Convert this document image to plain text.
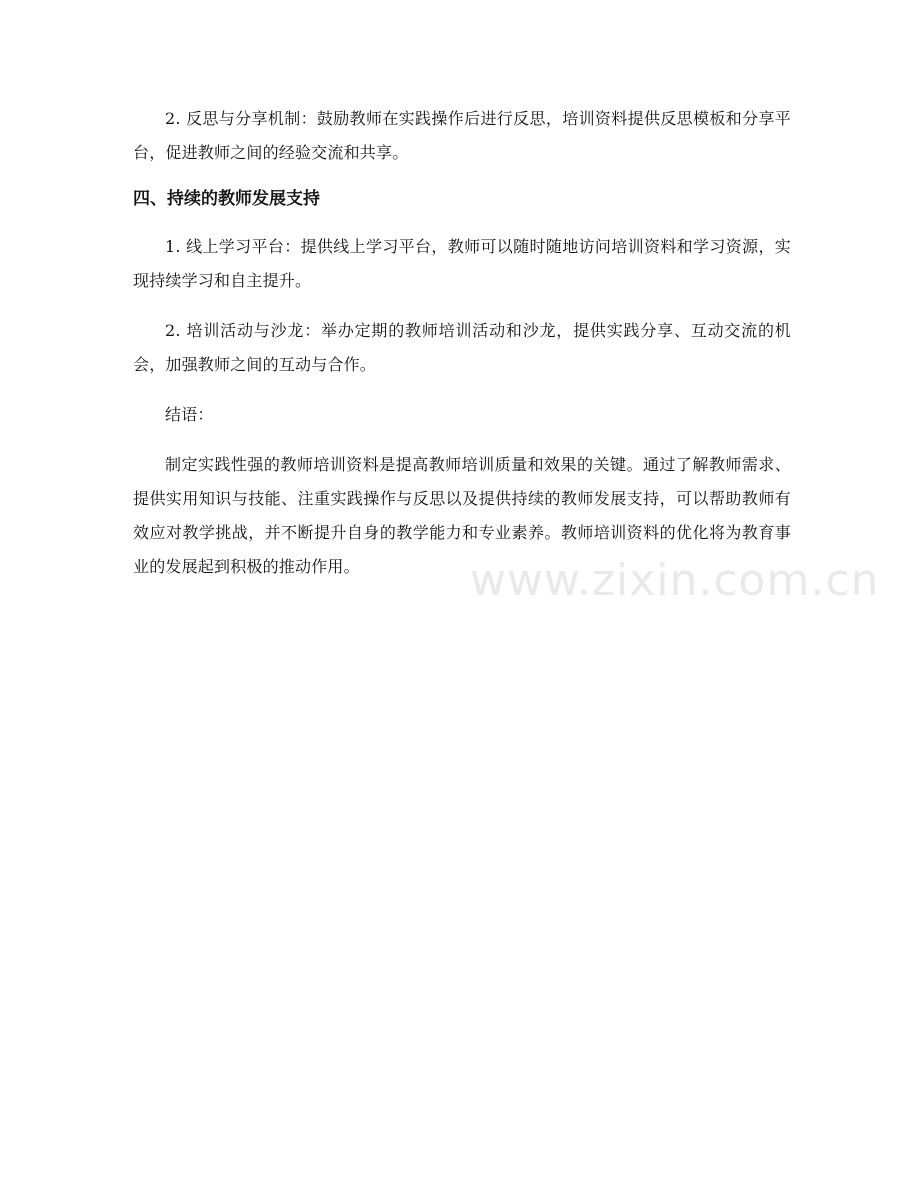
www.zixin.com.cn

2. 反思与分享机制：鼓励教师在实践操作后进行反思，培训资料提供反思模板和分享平台，促进教师之间的经验交流和共享。

四、持续的教师发展支持

1. 线上学习平台：提供线上学习平台，教师可以随时随地访问培训资料和学习资源，实现持续学习和自主提升。

2. 培训活动与沙龙：举办定期的教师培训活动和沙龙，提供实践分享、互动交流的机会，加强教师之间的互动与合作。

结语：

制定实践性强的教师培训资料是提高教师培训质量和效果的关键。通过了解教师需求、提供实用知识与技能、注重实践操作与反思以及提供持续的教师发展支持，可以帮助教师有效应对教学挑战，并不断提升自身的教学能力和专业素养。教师培训资料的优化将为教育事业的发展起到积极的推动作用。
